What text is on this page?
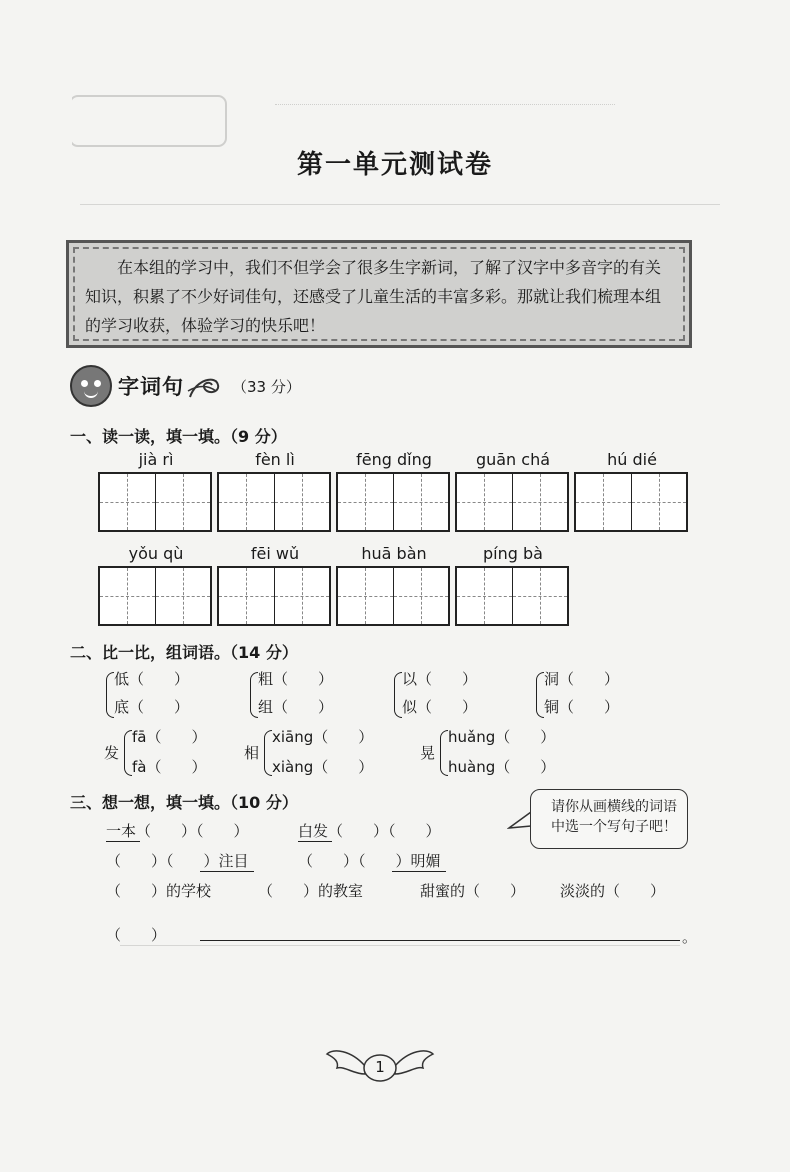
第一单元测试卷
在本组的学习中，我们不但学会了很多生字新词，了解了汉字中多音字的有关知识，积累了不少好词佳句，还感受了儿童生活的丰富多彩。那就让我们梳理本组的学习收获，体验学习的快乐吧！
字词句	（33 分）
一、读一读，填一填。（9 分）
jià rì	fèn lì	fēng dǐng	guān chá	hú dié
yǒu qù	fēi wǔ	huā bàn	píng bà
二、比一比，组词语。（14 分）
低（　　）
底（　　）
粗（　　）
组（　　）
以（　　）
似（　　）
洞（　　）
铜（　　）
发
fā（　　）
fà（　　）
相
xiāng（　　）
xiàng（　　）
晃
huǎng（　　）
huàng（　　）
三、想一想，填一填。（10 分）
一本（　　）（　　）	白发（　　）（　　）
（　　）（　　）注目	（　　）（　　）明媚
（　　）的学校	（　　）的教室	甜蜜的（　　） 淡淡的（　　）
（　　）	。
请你从画横线的词语中选一个写句子吧！
1
